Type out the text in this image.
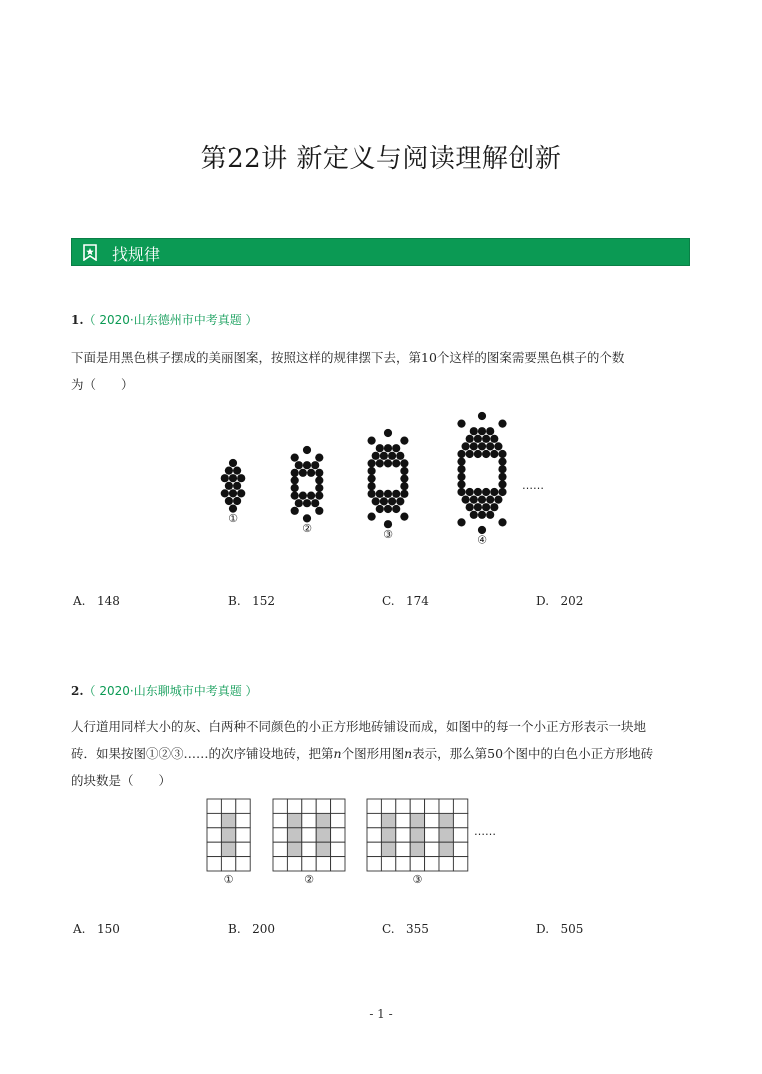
第22讲 新定义与阅读理解创新
找规律
1.（ 2020·山东德州市中考真题 ）
下面是用黑色棋子摆成的美丽图案，按照这样的规律摆下去，第10个这样的图案需要黑色棋子的个数
为（　　）
①
②	③	④
……
A. 148	B. 152	C. 174	D. 202
2.（ 2020·山东聊城市中考真题 ）
人行道用同样大小的灰、白两种不同颜色的小正方形地砖铺设而成，如图中的每一个小正方形表示一块地
砖．如果按图①②③……的次序铺设地砖，把第n个图形用图n表示，那么第50个图中的白色小正方形地砖
的块数是（　　）
①	②	③
……
A. 150	B. 200	C. 355	D. 505
- 1 -
